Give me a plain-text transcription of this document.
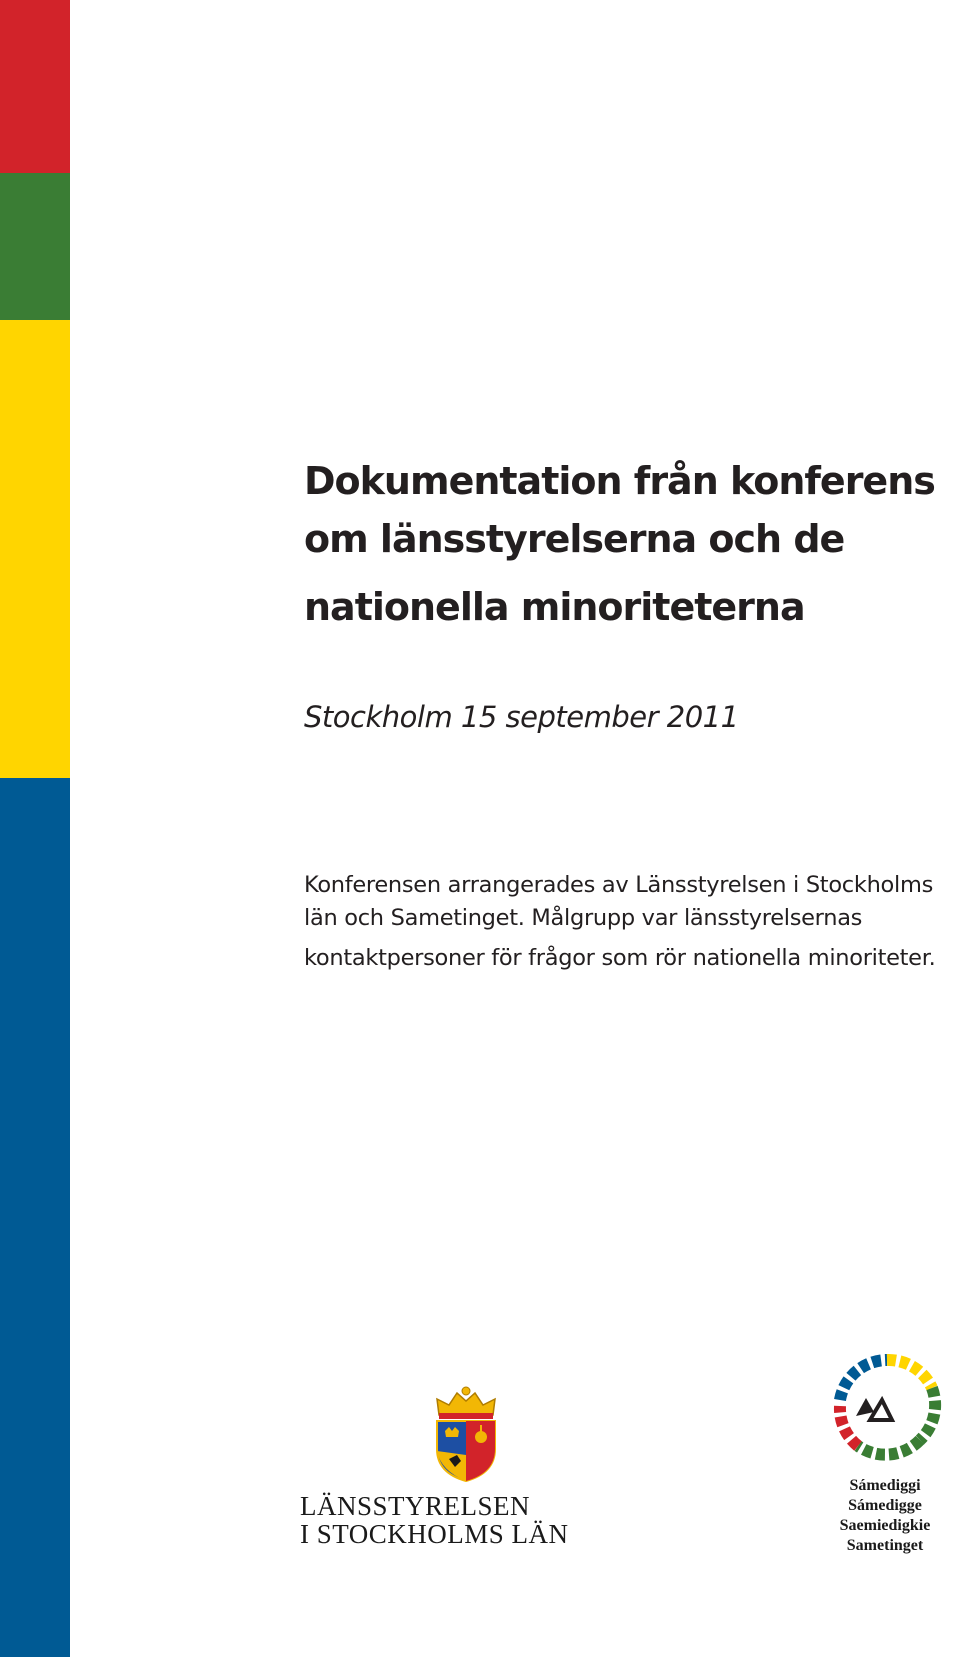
Dokumentation från konferens
om länsstyrelserna och de
nationella minoriteterna
Stockholm 15 september 2011

Konferensen arrangerades av Länsstyrelsen i Stockholms
län och Sametinget. Målgrupp var länsstyrelsernas
kontaktpersoner för frågor som rör nationella minoriteter.

LÄNSSTYRELSEN
I STOCKHOLMS LÄN
Sámediggi
Sámedigge
Saemiedigkie
Sametinget
